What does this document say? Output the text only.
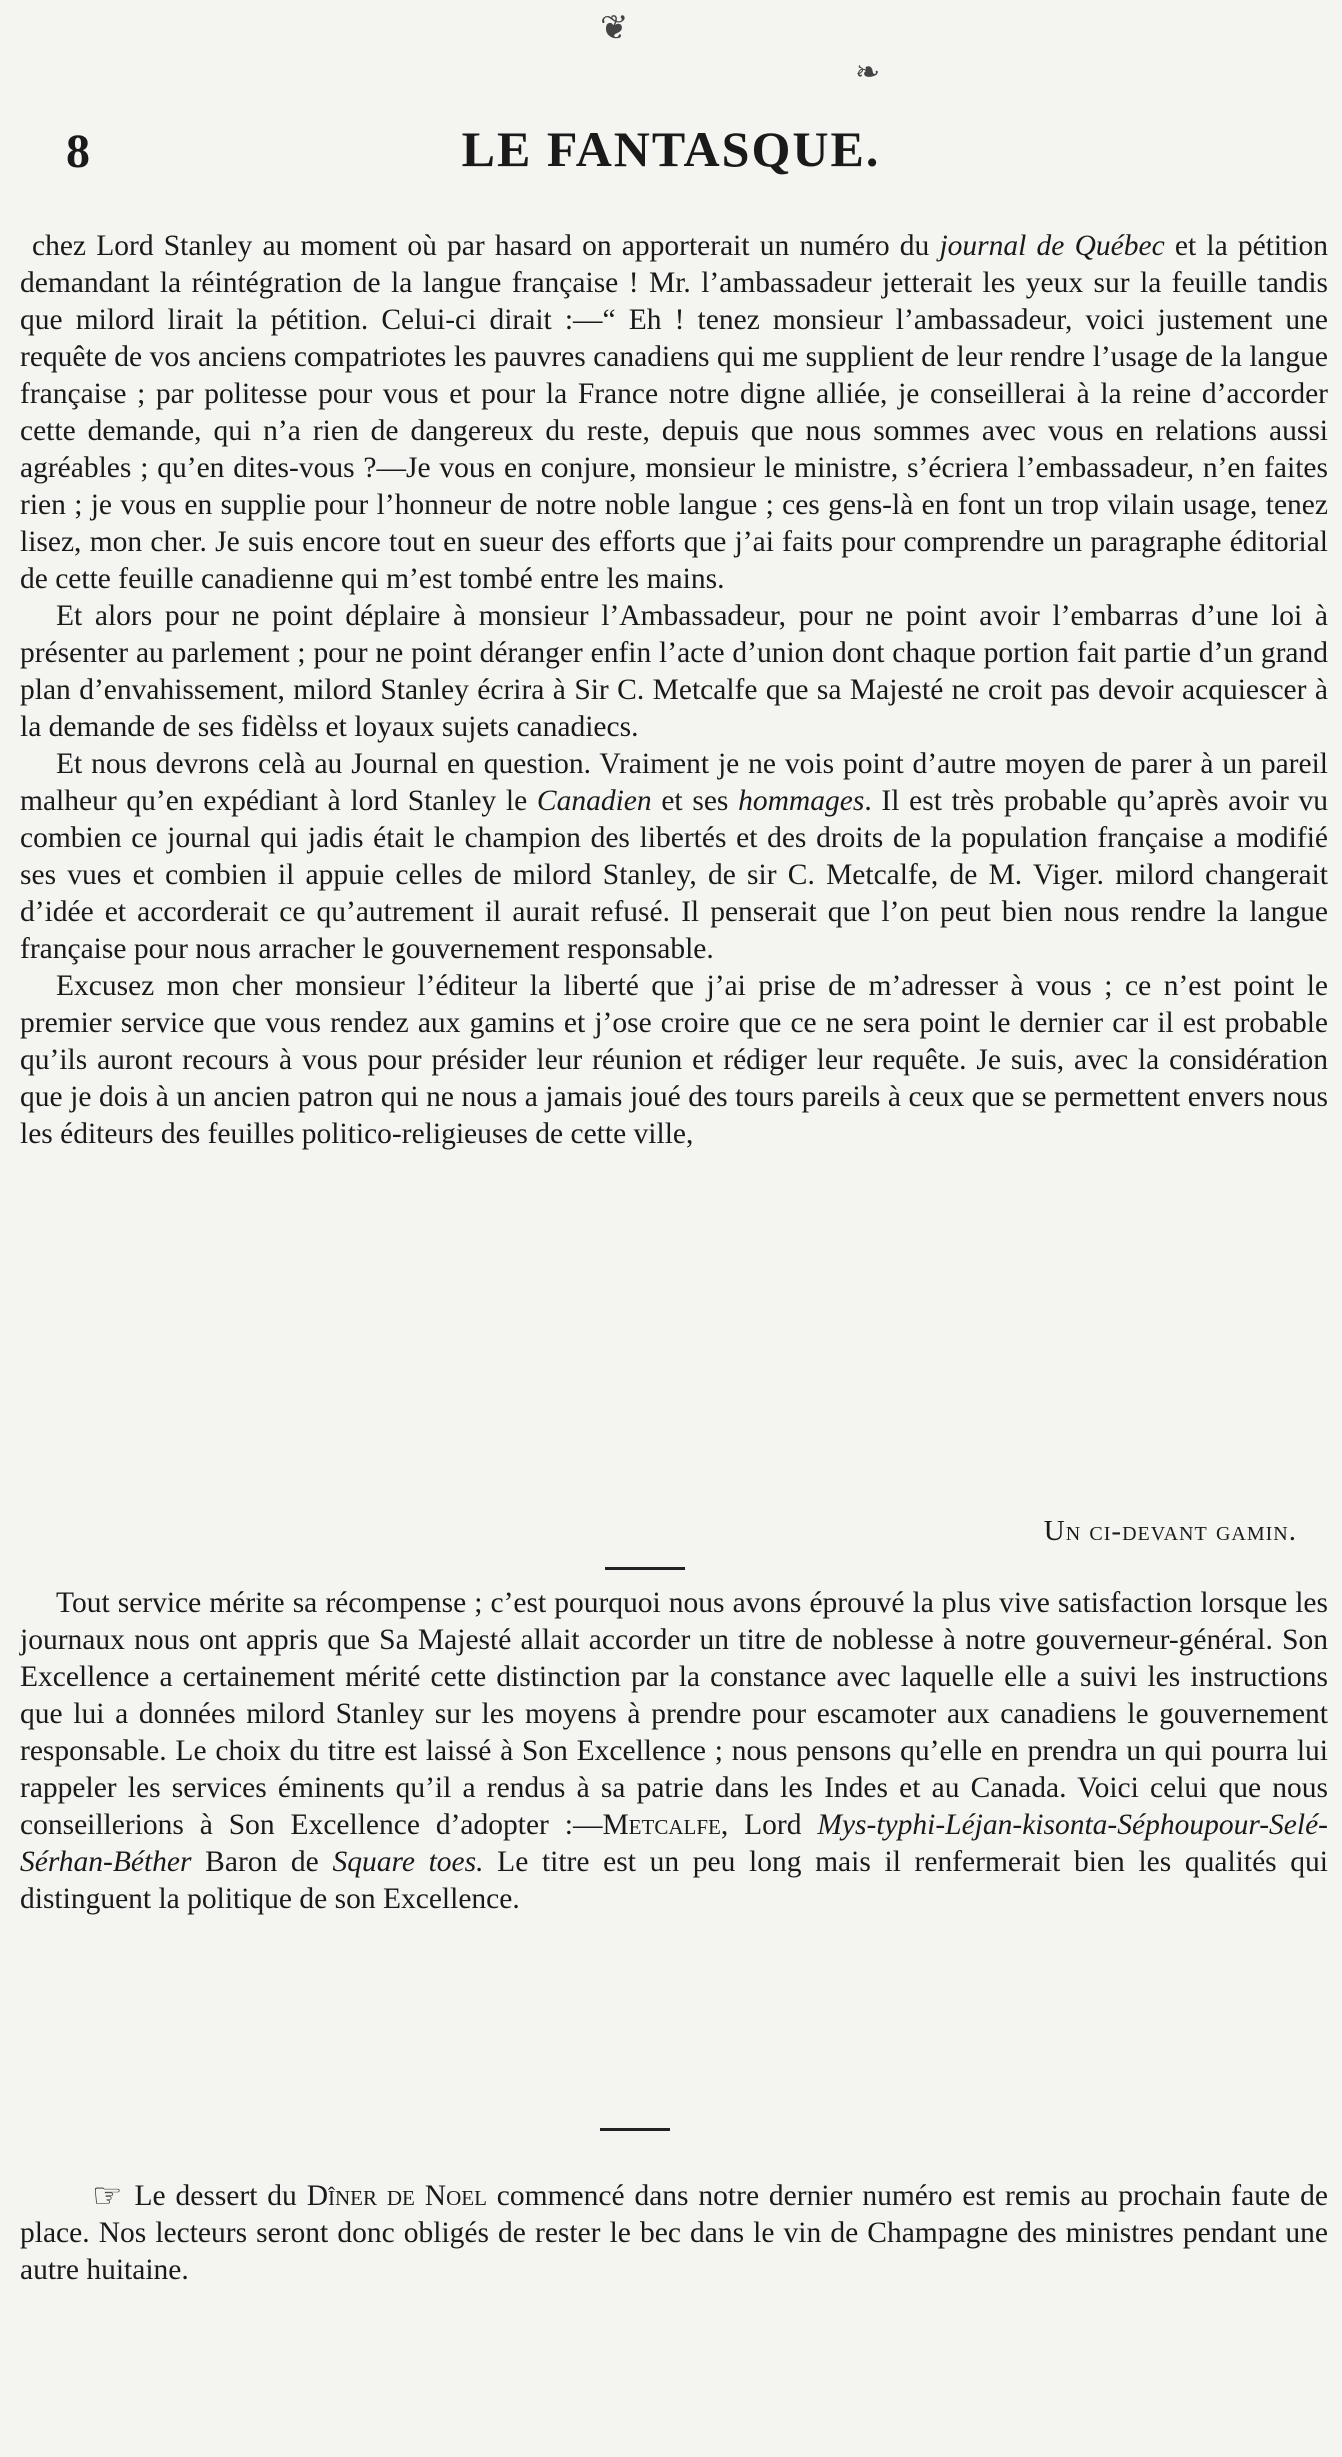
❦
❧
8	LE FANTASQUE.

chez Lord Stanley au moment où par hasard on apporterait un numéro du journal de Québec et la pétition demandant la réintégration de la langue française ! Mr. l’ambassadeur jetterait les yeux sur la feuille tandis que milord lirait la pétition. Celui-ci dirait :—“ Eh ! tenez monsieur l’ambassadeur, voici justement une requête de vos anciens compatriotes les pauvres canadiens qui me supplient de leur rendre l’usage de la langue française ; par politesse pour vous et pour la France notre digne alliée, je conseillerai à la reine d’accorder cette demande, qui n’a rien de dangereux du reste, depuis que nous sommes avec vous en relations aussi agréables ; qu’en dites-vous ?—Je vous en conjure, monsieur le ministre, s’écriera l’embassadeur, n’en faites rien ; je vous en supplie pour l’honneur de notre noble langue ; ces gens-là en font un trop vilain usage, tenez lisez, mon cher. Je suis encore tout en sueur des efforts que j’ai faits pour comprendre un paragraphe éditorial de cette feuille canadienne qui m’est tombé entre les mains.

Et alors pour ne point déplaire à monsieur l’Ambassadeur, pour ne point avoir l’embarras d’une loi à présenter au parlement ; pour ne point déranger enfin l’acte d’union dont chaque portion fait partie d’un grand plan d’envahissement, milord Stanley écrira à Sir C. Metcalfe que sa Majesté ne croit pas devoir acquiescer à la demande de ses fidèlss et loyaux sujets canadiecs.

Et nous devrons celà au Journal en question. Vraiment je ne vois point d’autre moyen de parer à un pareil malheur qu’en expédiant à lord Stanley le Canadien et ses hommages. Il est très probable qu’après avoir vu combien ce journal qui jadis était le champion des libertés et des droits de la population française a modifié ses vues et combien il appuie celles de milord Stanley, de sir C. Metcalfe, de M. Viger. milord changerait d’idée et accorderait ce qu’autrement il aurait refusé. Il penserait que l’on peut bien nous rendre la langue française pour nous arracher le gouvernement responsable.

Excusez mon cher monsieur l’éditeur la liberté que j’ai prise de m’adresser à vous ; ce n’est point le premier service que vous rendez aux gamins et j’ose croire que ce ne sera point le dernier car il est probable qu’ils auront recours à vous pour présider leur réunion et rédiger leur requête. Je suis, avec la considération que je dois à un ancien patron qui ne nous a jamais joué des tours pareils à ceux que se permettent envers nous les éditeurs des feuilles politico-religieuses de cette ville,

Un ci-devant gamin.

Tout service mérite sa récompense ; c’est pourquoi nous avons éprouvé la plus vive satisfaction lorsque les journaux nous ont appris que Sa Majesté allait accorder un titre de noblesse à notre gouverneur-général. Son Excellence a certainement mérité cette distinction par la constance avec laquelle elle a suivi les instructions que lui a données milord Stanley sur les moyens à prendre pour escamoter aux canadiens le gouvernement responsable. Le choix du titre est laissé à Son Excellence ; nous pensons qu’elle en prendra un qui pourra lui rappeler les services éminents qu’il a rendus à sa patrie dans les Indes et au Canada. Voici celui que nous conseillerions à Son Excellence d’adopter :—Metcalfe, Lord Mys-typhi-Léjan-kisonta-Séphoupour-Selé-Sérhan-Béther Baron de Square toes. Le titre est un peu long mais il renfermerait bien les qualités qui distinguent la politique de son Excellence.

☞ Le dessert du Dîner de Noel commencé dans notre dernier numéro est remis au prochain faute de place. Nos lecteurs seront donc obligés de rester le bec dans le vin de Champagne des ministres pendant une autre huitaine.
